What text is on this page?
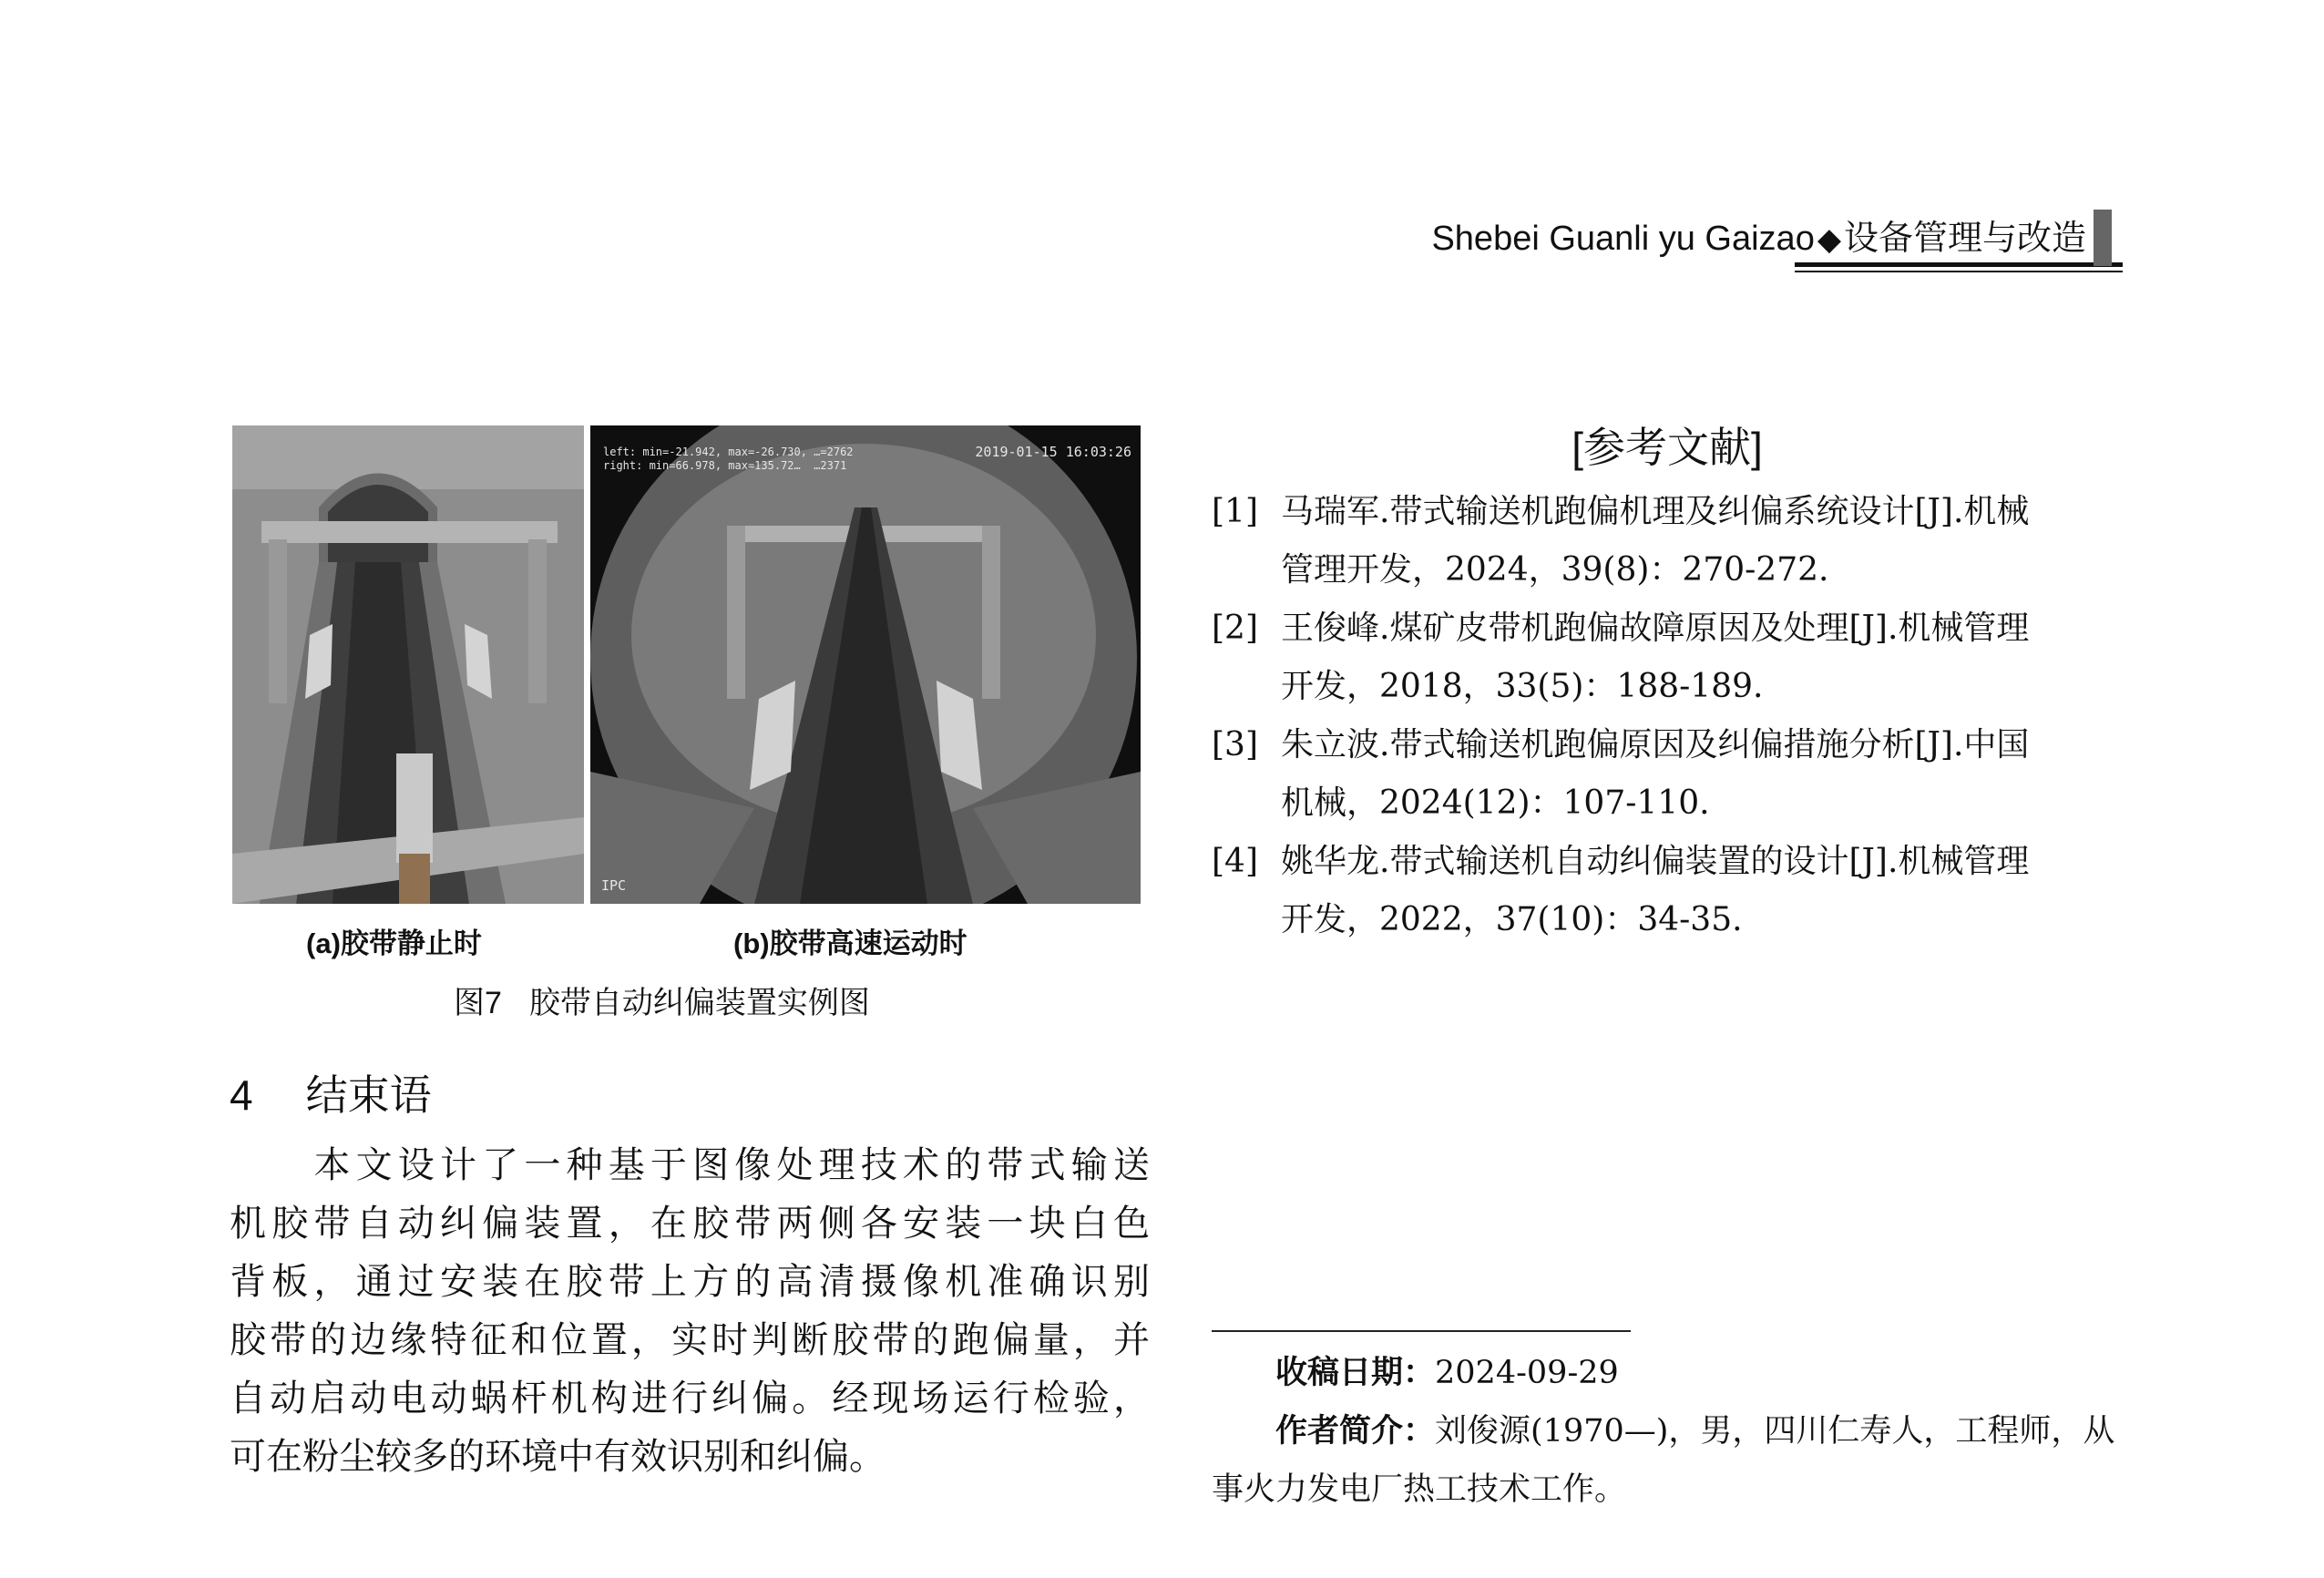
Shebei Guanli yu Gaizao◆设备管理与改造
left: min=-21.942, max=-26.730, …=2762
right: min=66.978, max=135.72…  …2371
2019-01-15 16:03:26
IPC
(a)胶带静止时	(b)胶带高速运动时
图7 胶带自动纠偏装置实例图
4 结束语
　　本文设计了一种基于图像处理技术的带式输送
机胶带自动纠偏装置，在胶带两侧各安装一块白色
背板，通过安装在胶带上方的高清摄像机准确识别
胶带的边缘特征和位置，实时判断胶带的跑偏量，并
自动启动电动蜗杆机构进行纠偏。经现场运行检验，
可在粉尘较多的环境中有效识别和纠偏。
[参考文献]
[1] 马瑞军.带式输送机跑偏机理及纠偏系统设计[J].机械
管理开发，2024，39(8)：270-272.
[2] 王俊峰.煤矿皮带机跑偏故障原因及处理[J].机械管理
开发，2018，33(5)：188-189.
[3] 朱立波.带式输送机跑偏原因及纠偏措施分析[J].中国
机械，2024(12)：107-110.
[4] 姚华龙.带式输送机自动纠偏装置的设计[J].机械管理
开发，2022，37(10)：34-35.
收稿日期：2024-09-29
作者简介：刘俊源(1970—)，男，四川仁寿人，工程师，从
事火力发电厂热工技术工作。
